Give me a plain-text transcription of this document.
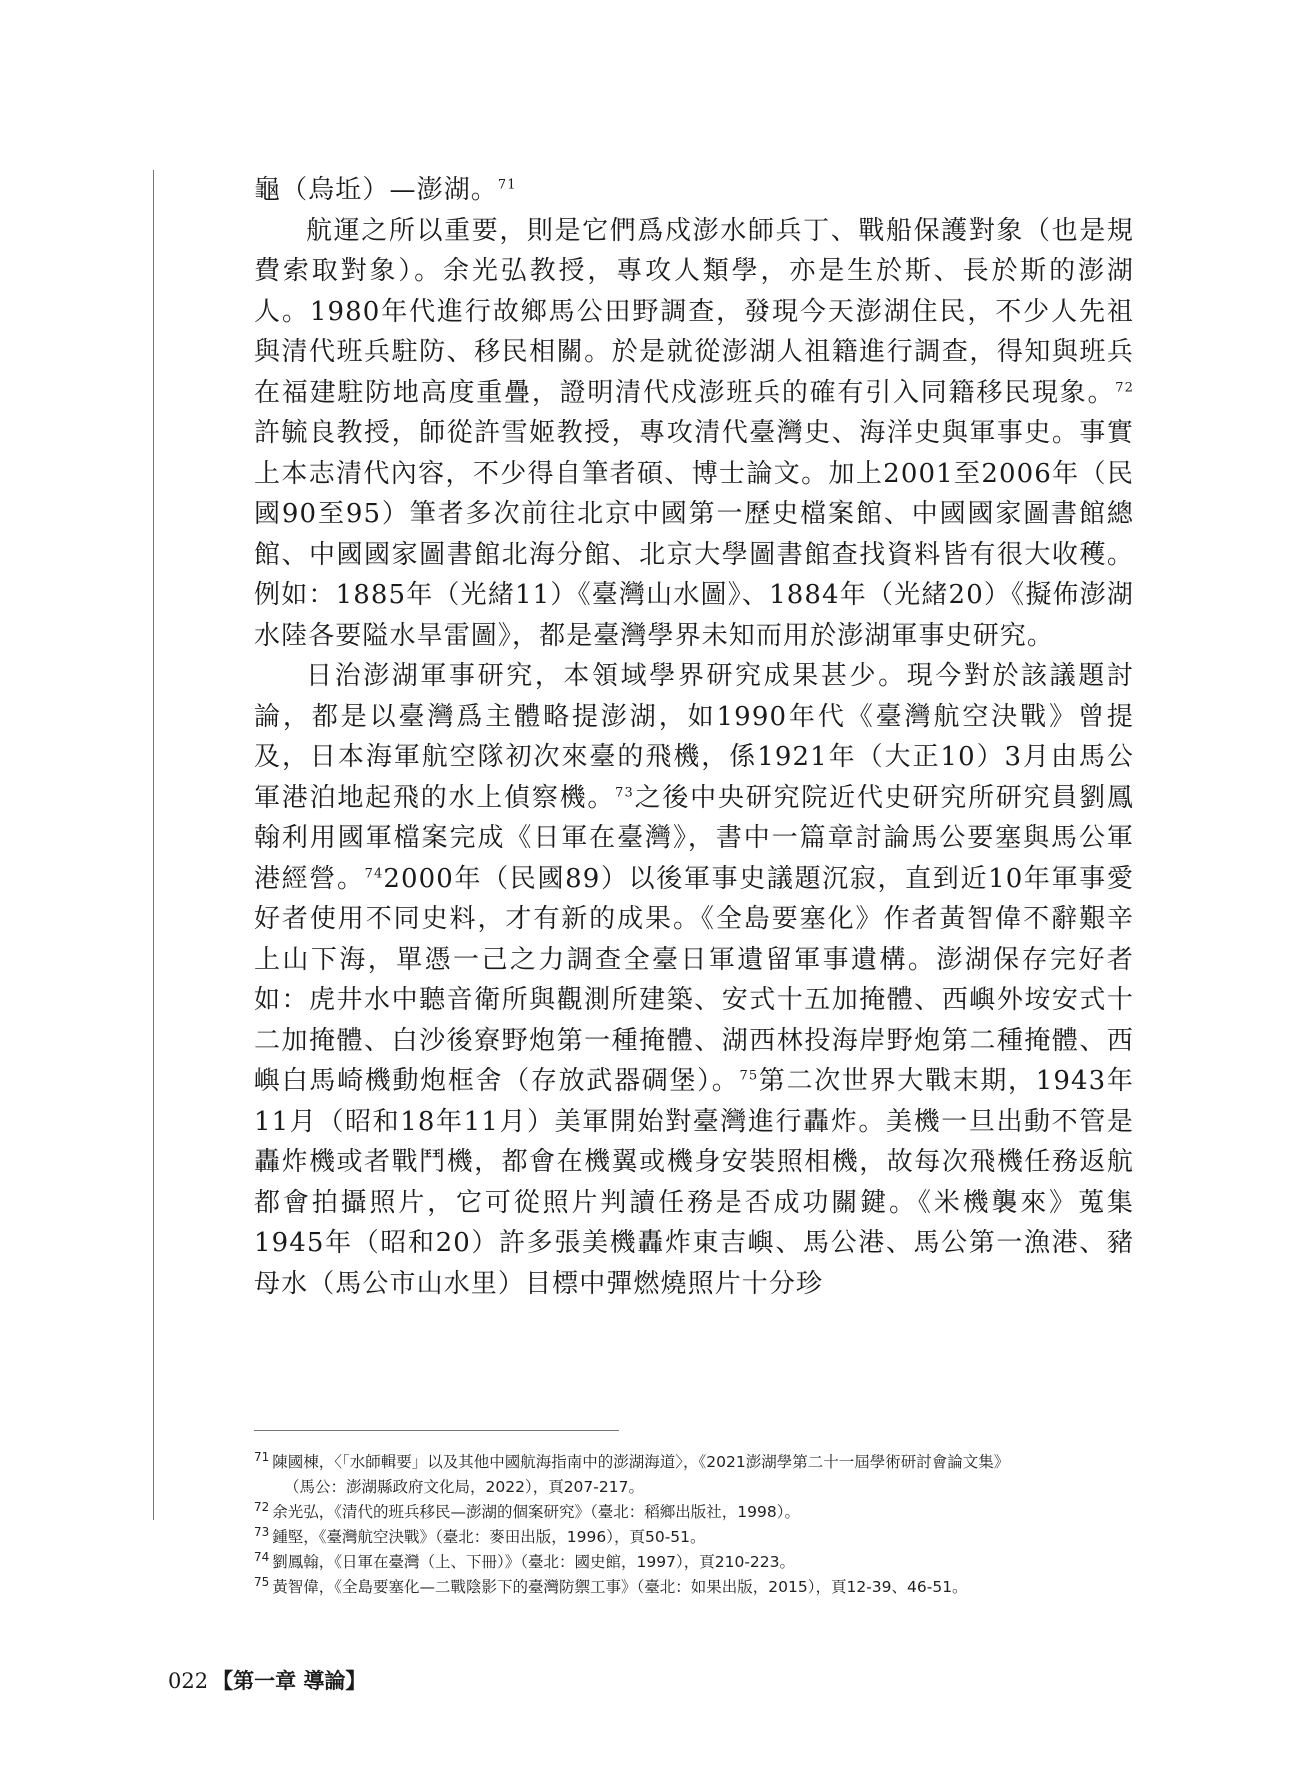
龜（烏坵）—澎湖。$^{71}$

航運之所以重要，則是它們爲戍澎水師兵丁、戰船保護對象（也是規費索取對象）。余光弘教授，專攻人類學，亦是生於斯、長於斯的澎湖人。1980年代進行故鄉馬公田野調查，發現今天澎湖住民，不少人先祖與清代班兵駐防、移民相關。於是就從澎湖人祖籍進行調查，得知與班兵在福建駐防地高度重疊，證明清代戍澎班兵的確有引入同籍移民現象。$^{72}$許毓良教授，師從許雪姬教授，專攻清代臺灣史、海洋史與軍事史。事實上本志清代內容，不少得自筆者碩、博士論文。加上2001至2006年（民國90至95）筆者多次前往北京中國第一歷史檔案館、中國國家圖書館總館、中國國家圖書館北海分館、北京大學圖書館查找資料皆有很大收穫。例如：1885年（光緒11）《臺灣山水圖》、1884年（光緒20）《擬佈澎湖水陸各要隘水旱雷圖》，都是臺灣學界未知而用於澎湖軍事史研究。

日治澎湖軍事研究，本領域學界研究成果甚少。現今對於該議題討論，都是以臺灣爲主體略提澎湖，如1990年代《臺灣航空決戰》曾提及，日本海軍航空隊初次來臺的飛機，係1921年（大正10）3月由馬公軍港泊地起飛的水上偵察機。$^{73}$之後中央研究院近代史研究所研究員劉鳳翰利用國軍檔案完成《日軍在臺灣》，書中一篇章討論馬公要塞與馬公軍港經營。$^{74}$2000年（民國89）以後軍事史議題沉寂，直到近10年軍事愛好者使用不同史料，才有新的成果。《全島要塞化》作者黃智偉不辭艱辛上山下海，單憑一己之力調查全臺日軍遺留軍事遺構。澎湖保存完好者如：虎井水中聽音衛所與觀測所建築、安式十五加掩體、西嶼外垵安式十二加掩體、白沙後寮野炮第一種掩體、湖西林投海岸野炮第二種掩體、西嶼白馬崎機動炮框舍（存放武器碉堡）。$^{75}$第二次世界大戰末期，1943年11月（昭和18年11月）美軍開始對臺灣進行轟炸。美機一旦出動不管是轟炸機或者戰鬥機，都會在機翼或機身安裝照相機，故每次飛機任務返航都會拍攝照片，它可從照片判讀任務是否成功關鍵。《米機襲來》蒐集1945年（昭和20）許多張美機轟炸東吉嶼、馬公港、馬公第一漁港、豬母水（馬公市山水里）目標中彈燃燒照片十分珍

$^{71}$ 陳國棟，〈「水師輯要」以及其他中國航海指南中的澎湖海道〉，《2021澎湖學第二十一屆學術研討會論文集》
（馬公：澎湖縣政府文化局，2022），頁207-217。
$^{72}$ 余光弘，《清代的班兵移民—澎湖的個案研究》（臺北：稻鄉出版社，1998）。
$^{73}$ 鍾堅，《臺灣航空決戰》（臺北：麥田出版，1996），頁50-51。
$^{74}$ 劉鳳翰，《日軍在臺灣（上、下冊）》（臺北：國史館，1997），頁210-223。
$^{75}$ 黃智偉，《全島要塞化—二戰陰影下的臺灣防禦工事》（臺北：如果出版，2015），頁12-39、46-51。
022 【第一章 導論】
